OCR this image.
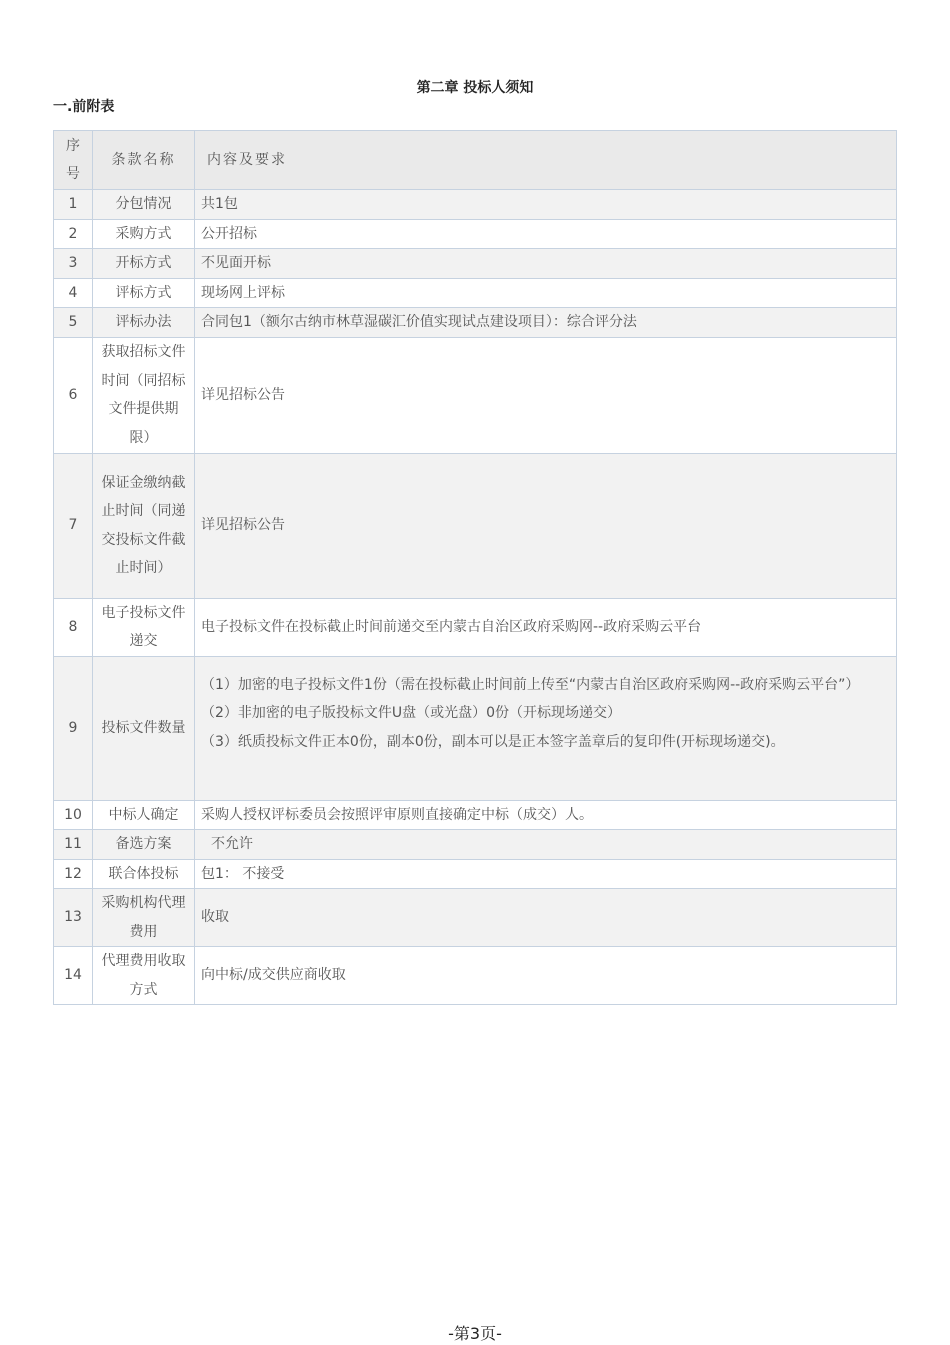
第二章 投标人须知
一.前附表
序号	条款名称	内容及要求
1	分包情况	共1包
2	采购方式	公开招标
3	开标方式	不见面开标
4	评标方式	现场网上评标
5	评标办法	合同包1（额尔古纳市林草湿碳汇价值实现试点建设项目）：综合评分法
6	获取招标文件时间（同招标文件提供期限）	详见招标公告
7	保证金缴纳截止时间（同递交投标文件截止时间）	详见招标公告
8	电子投标文件递交	电子投标文件在投标截止时间前递交至内蒙古自治区政府采购网--政府采购云平台
9	投标文件数量	（1）加密的电子投标文件1份（需在投标截止时间前上传至“内蒙古自治区政府采购网--政府采购云平台”）
（2）非加密的电子版投标文件U盘（或光盘）0份（开标现场递交）
（3）纸质投标文件正本0份，副本0份，副本可以是正本签字盖章后的复印件(开标现场递交)。

10	中标人确定	采购人授权评标委员会按照评审原则直接确定中标（成交）人。
11	备选方案	不允许
12	联合体投标	包1： 不接受
13	采购机构代理费用	收取
14	代理费用收取方式	向中标/成交供应商收取
-第3页-
